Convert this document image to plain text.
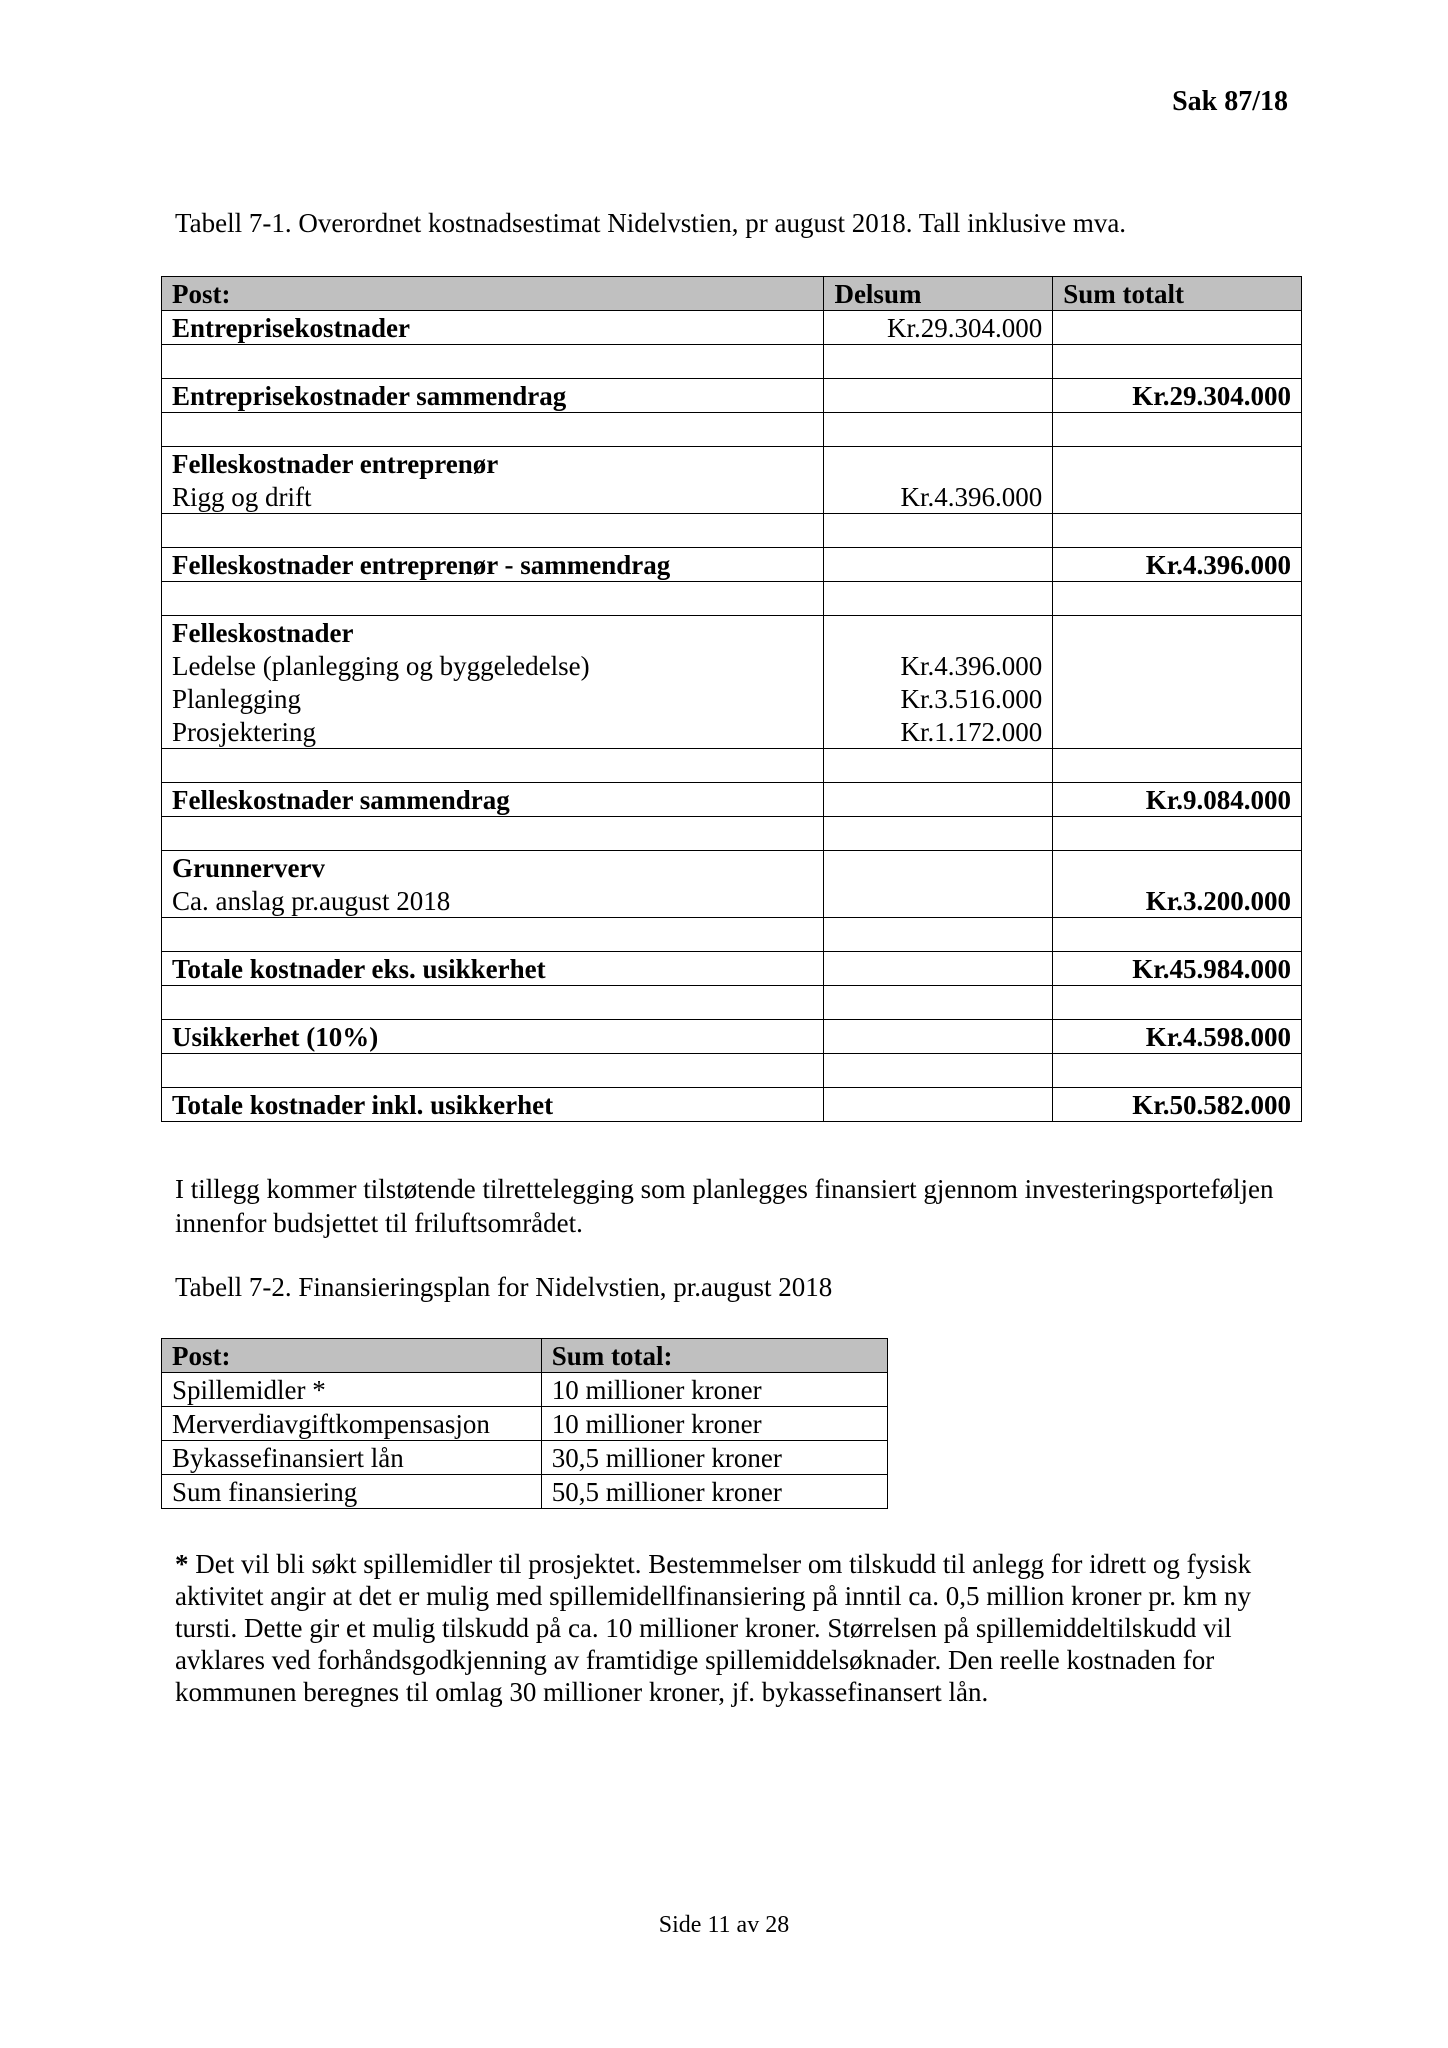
Sak 87/18
Tabell 7-1. Overordnet kostnadsestimat Nidelvstien, pr august 2018. Tall inklusive mva.
Post:	Delsum	Sum totalt
Entreprisekostnader	Kr.29.304.000	

Entreprisekostnader sammendrag		Kr.29.304.000

Felleskostnader entreprenør		
Rigg og drift	Kr.4.396.000	

Felleskostnader entreprenør - sammendrag		Kr.4.396.000

Felleskostnader		
Ledelse (planlegging og byggeledelse)	Kr.4.396.000	
Planlegging	Kr.3.516.000	
Prosjektering	Kr.1.172.000	

Felleskostnader sammendrag		Kr.9.084.000

Grunnerverv		
Ca. anslag pr.august 2018		Kr.3.200.000

Totale kostnader eks. usikkerhet		Kr.45.984.000

Usikkerhet (10%)		Kr.4.598.000

Totale kostnader inkl. usikkerhet		Kr.50.582.000
I tillegg kommer tilstøtende tilrettelegging som planlegges finansiert gjennom investeringsporteføljen innenfor budsjettet til friluftsområdet.
Tabell 7-2. Finansieringsplan for Nidelvstien, pr.august 2018
Post:	Sum total:
Spillemidler *	10 millioner kroner
Merverdiavgiftkompensasjon	10 millioner kroner
Bykassefinansiert lån	30,5 millioner kroner
Sum finansiering	50,5 millioner kroner
* Det vil bli søkt spillemidler til prosjektet. Bestemmelser om tilskudd til anlegg for idrett og fysisk aktivitet angir at det er mulig med spillemidellfinansiering på inntil ca. 0,5 million kroner pr. km ny tursti. Dette gir et mulig tilskudd på ca. 10 millioner kroner. Størrelsen på spillemiddeltilskudd vil avklares ved forhåndsgodkjenning av framtidige spillemiddelsøknader. Den reelle kostnaden for kommunen beregnes til omlag 30 millioner kroner, jf. bykassefinansert lån.
Side 11 av 28
